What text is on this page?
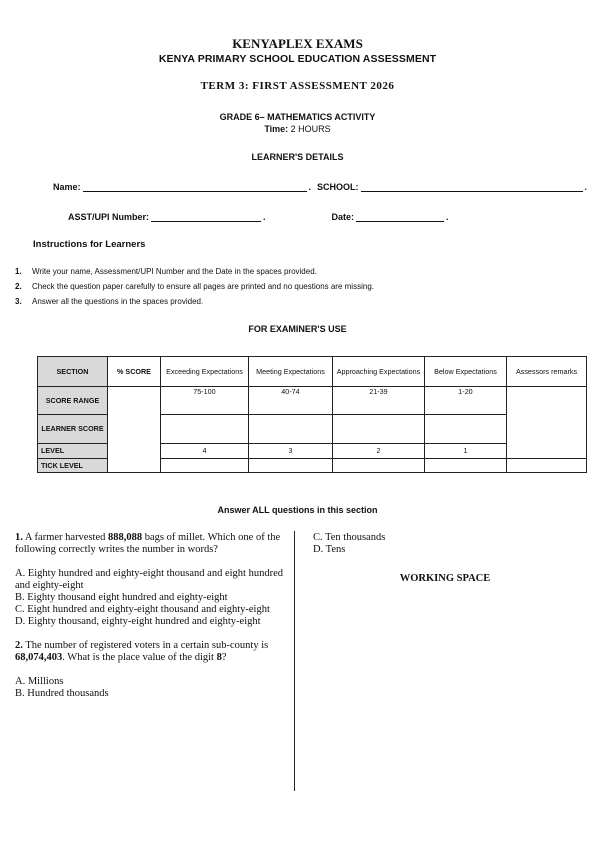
KENYAPLEX EXAMS
KENYA PRIMARY SCHOOL EDUCATION ASSESSMENT
TERM 3: FIRST ASSESSMENT 2026
GRADE 6– MATHEMATICS ACTIVITY
Time: 2 HOURS
LEARNER'S DETAILS
Name:	. SCHOOL:	.
ASST/UPI Number:	.	Date:	.
Instructions for Learners
1.	Write your name, Assessment/UPI Number and the Date in the spaces provided.
2.	Check the question paper carefully to ensure all pages are printed and no questions are missing.
3.	Answer all the questions in the spaces provided.
FOR EXAMINER'S USE
SECTION	% SCORE	Exceeding Expectations	Meeting Expectations	Approaching Expectations	Below Expectations	Assessors remarks
SCORE RANGE		75-100	40-74	21-39	1-20	
LEARNER SCORE						
LEVEL		4	3	2	1	
TICK LEVEL						
Answer ALL questions in this section

1. A farmer harvested 888,088 bags of millet. Which one of the following correctly writes the number in words?

A. Eighty hundred and eighty-eight thousand and eight hundred and eighty-eight

B. Eighty thousand eight hundred and eighty-eight

C. Eight hundred and eighty-eight thousand and eighty-eight

D. Eighty thousand, eighty-eight hundred and eighty-eight

2. The number of registered voters in a certain sub-county is 68,074,403. What is the place value of the digit 8?

A. Millions

B. Hundred thousands

C. Ten thousands

D. Tens

WORKING SPACE
